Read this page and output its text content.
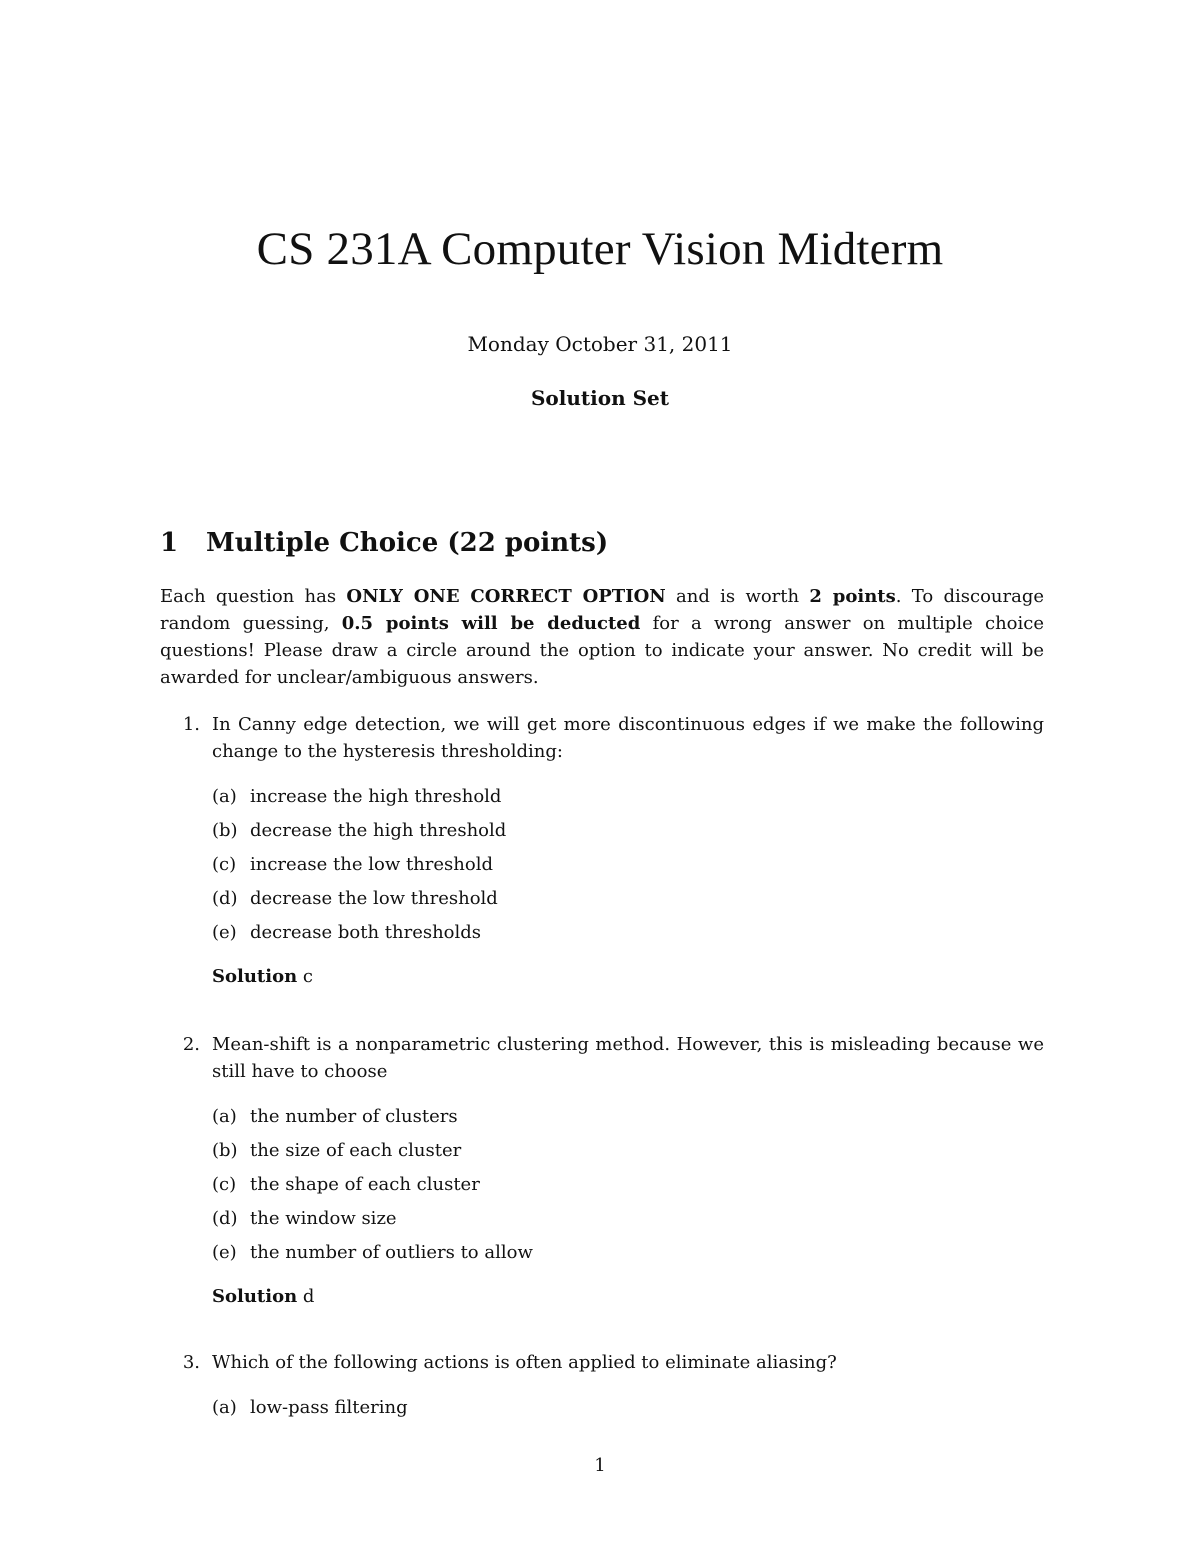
CS 231A Computer Vision Midterm
Monday October 31, 2011
Solution Set
1	Multiple Choice (22 points)

Each question has ONLY ONE CORRECT OPTION and is worth 2 points. To discourage random guessing, 0.5 points will be deducted for a wrong answer on multiple choice questions! Please draw a circle around the option to indicate your answer. No credit will be awarded for unclear/ambiguous answers.

1. In Canny edge detection, we will get more discontinuous edges if we make the following change to the hysteresis thresholding:
(a) increase the high threshold
(b) decrease the high threshold
(c) increase the low threshold
(d) decrease the low threshold
(e) decrease both thresholds
Solution c
2. Mean-shift is a nonparametric clustering method. However, this is misleading because we still have to choose
(a) the number of clusters
(b) the size of each cluster
(c) the shape of each cluster
(d) the window size
(e) the number of outliers to allow
Solution d
3. Which of the following actions is often applied to eliminate aliasing?
(a) low-pass filtering
1
